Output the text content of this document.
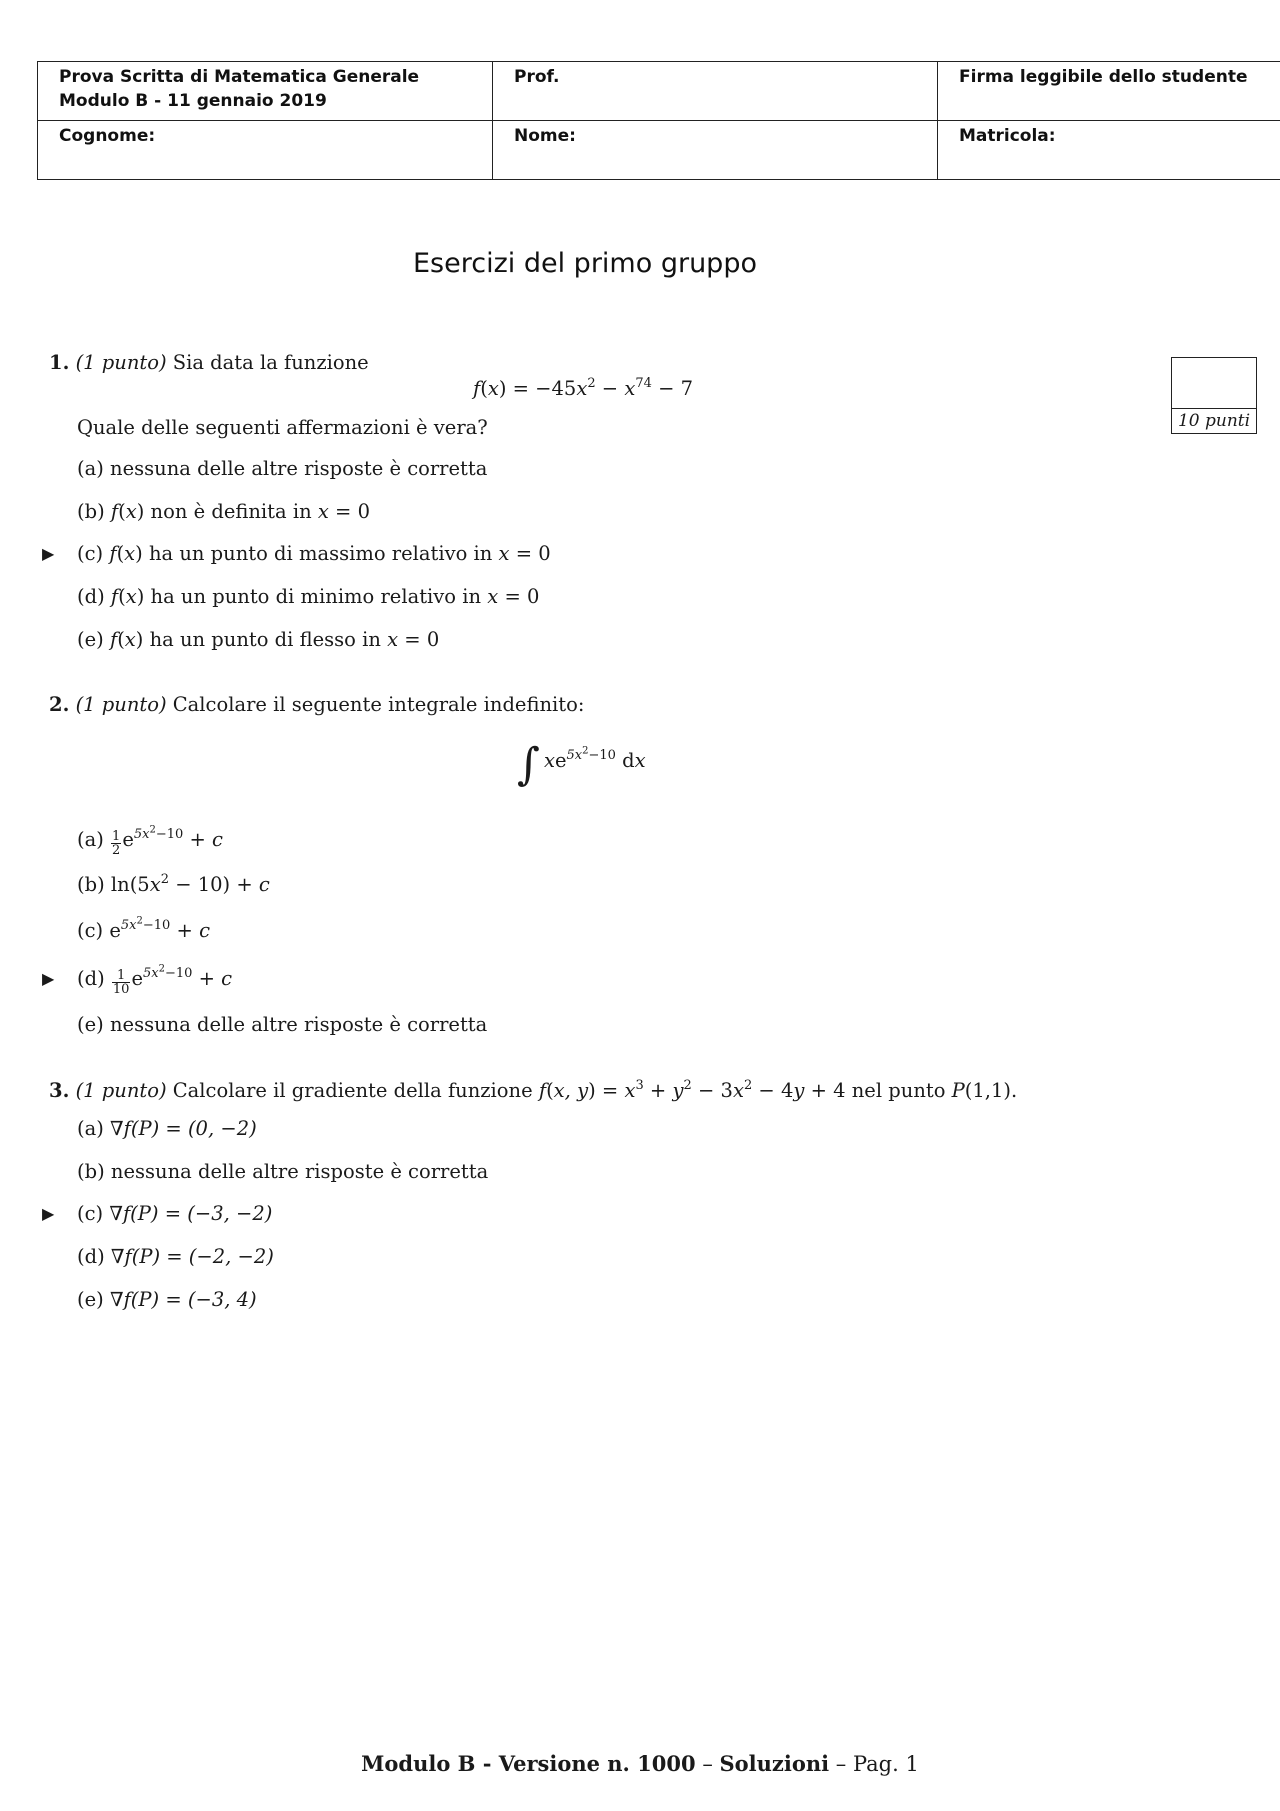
Prova Scritta di Matematica Generale
Modulo B - 11 gennaio 2019	Prof.	Firma leggibile dello studente
Cognome:	Nome:	Matricola:
Esercizi del primo gruppo
10 punti
1. (1 punto) Sia data la funzione
$f(x) = -45x^2 - x^{74} - 7$
Quale delle seguenti affermazioni è vera?
(a) nessuna delle altre risposte è corretta
(b) f(x) non è definita in x = 0
▶ (c) f(x) ha un punto di massimo relativo in x = 0
(d) f(x) ha un punto di minimo relativo in x = 0
(e) f(x) ha un punto di flesso in x = 0
2. (1 punto) Calcolare il seguente integrale indefinito:
∫ $xe^{5x^2-10}$ dx
$(a) \frac{1}{2} e^{5x^2-10} + c$
(b) $\ln(5x^2 - 10) + c$
(c) $e^{5x^2-10} + c$
▶ $(d) \frac{1}{10} e^{5x^2-10} + c$
(e) nessuna delle altre risposte è corretta
3. (1 punto) Calcolare il gradiente della funzione f(x, $y) = x^3 + y^2 - 3x^2 - 4y + 4$ nel punto P(1,1).
(a) ∇f(P) = (0, −2)
(b) nessuna delle altre risposte è corretta
▶ (c) ∇f(P) = (−3, −2)
(d) ∇f(P) = (−2, −2)
(e) ∇f(P) = (−3, 4)
Modulo B - Versione n. 1000 – Soluzioni – Pag. 1
